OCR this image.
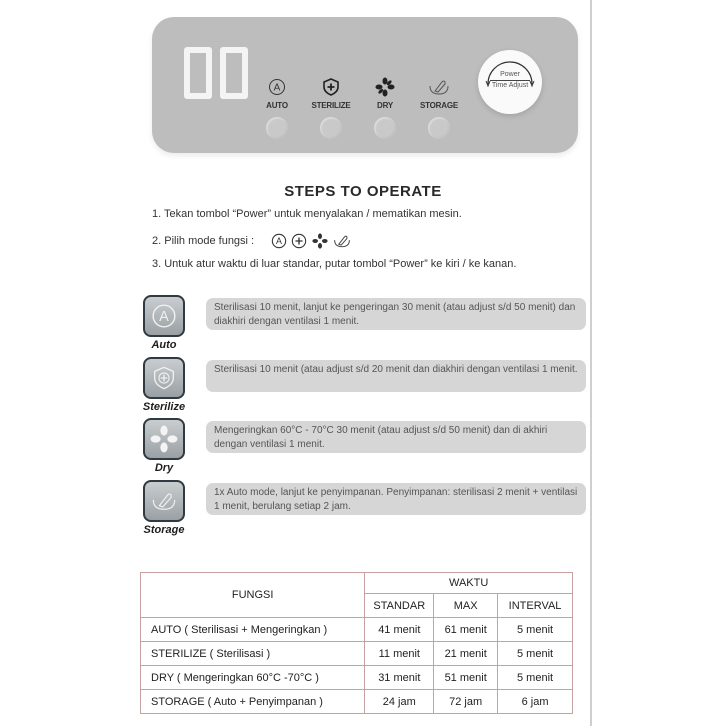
A
AUTO	STERILIZE	DRY	STORAGE
Power
Time Adjust
STEPS TO OPERATE
1. Tekan tombol “Power” untuk menyalakan / mematikan mesin.
2. Pilih mode fungsi : A
3. Untuk atur waktu di luar standar, putar tombol “Power” ke kiri / ke kanan.
A
Auto
Sterilisasi 10 menit, lanjut ke pengeringan 30 menit (atau adjust s/d 50 menit) dan diakhiri dengan ventilasi 1 menit.
Sterilize
Sterilisasi 10 menit (atau adjust s/d 20 menit dan diakhiri dengan ventilasi 1 menit.
Dry
Mengeringkan 60°C - 70°C 30 menit (atau adjust s/d 50 menit) dan di akhiri dengan ventilasi 1 menit.
Storage
1x Auto mode, lanjut ke penyimpanan. Penyimpanan: sterilisasi 2 menit + ventilasi 1 menit, berulang setiap 2 jam.
FUNGSI	WAKTU		
	STANDAR	MAX	INTERVAL
AUTO ( Sterilisasi + Mengeringkan )	41 menit	61 menit	5 menit
STERILIZE ( Sterilisasi )	11 menit	21 menit	5 menit
DRY ( Mengeringkan 60°C -70°C )	31 menit	51 menit	5 menit
STORAGE ( Auto + Penyimpanan )	24 jam	72 jam	6 jam
